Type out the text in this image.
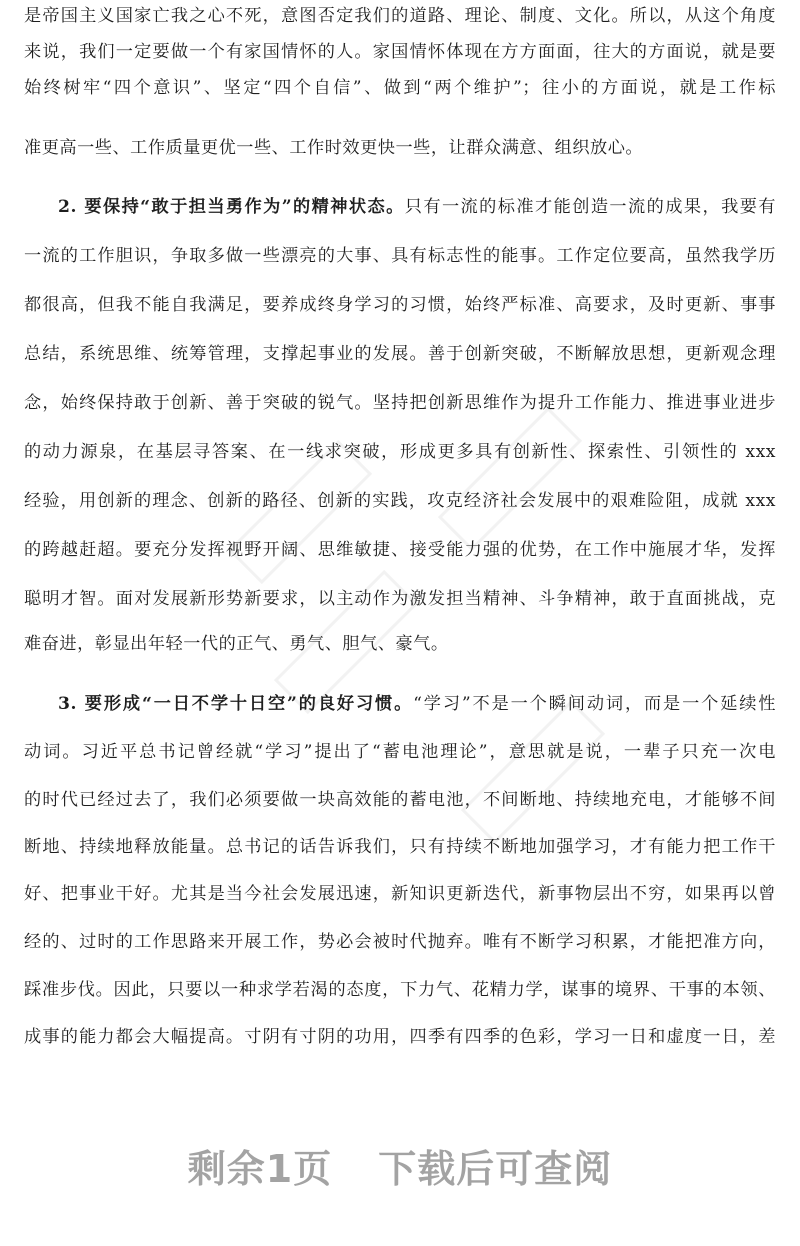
是帝国主义国家亡我之心不死，意图否定我们的道路、理论、制度、文化。所以，从这个角度
来说，我们一定要做一个有家国情怀的人。家国情怀体现在方方面面，往大的方面说，就是要
始终树牢“四个意识”、坚定“四个自信”、做到“两个维护”；往小的方面说，就是工作标
准更高一些、工作质量更优一些、工作时效更快一些，让群众满意、组织放心。
2. 要保持“敢于担当勇作为”的精神状态。只有一流的标准才能创造一流的成果，我要有
一流的工作胆识，争取多做一些漂亮的大事、具有标志性的能事。工作定位要高，虽然我学历
都很高，但我不能自我满足，要养成终身学习的习惯，始终严标准、高要求，及时更新、事事
总结，系统思维、统筹管理，支撑起事业的发展。善于创新突破，不断解放思想，更新观念理
念，始终保持敢于创新、善于突破的锐气。坚持把创新思维作为提升工作能力、推进事业进步
的动力源泉，在基层寻答案、在一线求突破，形成更多具有创新性、探索性、引领性的 xxx
经验，用创新的理念、创新的路径、创新的实践，攻克经济社会发展中的艰难险阻，成就 xxx
的跨越赶超。要充分发挥视野开阔、思维敏捷、接受能力强的优势，在工作中施展才华，发挥
聪明才智。面对发展新形势新要求，以主动作为激发担当精神、斗争精神，敢于直面挑战，克
难奋进，彰显出年轻一代的正气、勇气、胆气、豪气。
3. 要形成“一日不学十日空”的良好习惯。“学习”不是一个瞬间动词，而是一个延续性
动词。习近平总书记曾经就“学习”提出了“蓄电池理论”，意思就是说，一辈子只充一次电
的时代已经过去了，我们必须要做一块高效能的蓄电池，不间断地、持续地充电，才能够不间
断地、持续地释放能量。总书记的话告诉我们，只有持续不断地加强学习，才有能力把工作干
好、把事业干好。尤其是当今社会发展迅速，新知识更新迭代，新事物层出不穷，如果再以曾
经的、过时的工作思路来开展工作，势必会被时代抛弃。唯有不断学习积累，才能把准方向，
踩准步伐。因此，只要以一种求学若渴的态度，下力气、花精力学，谋事的境界、干事的本领、
成事的能力都会大幅提高。寸阴有寸阴的功用，四季有四季的色彩，学习一日和虚度一日，差
剩余1页 下载后可查阅
